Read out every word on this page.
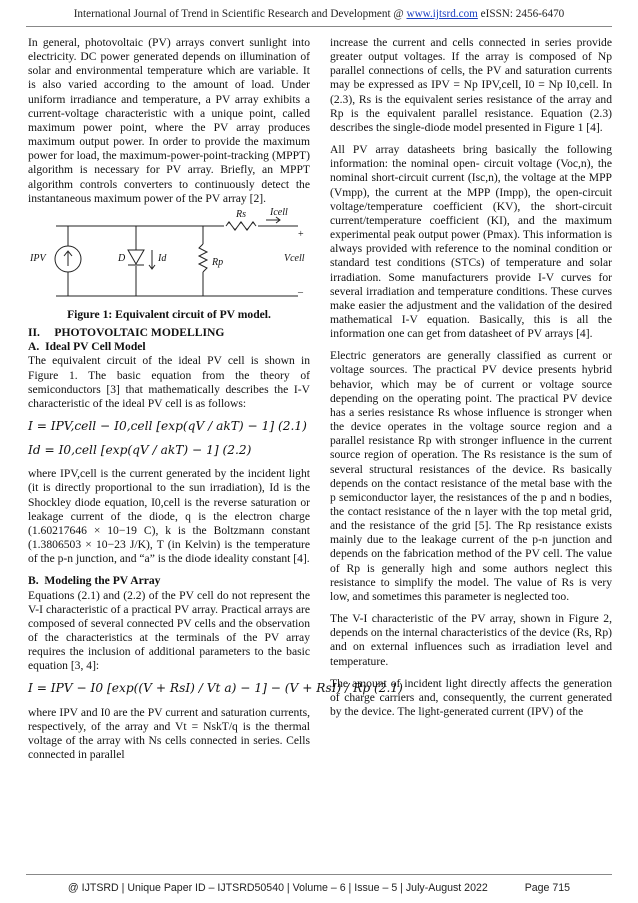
International Journal of Trend in Scientific Research and Development @ www.ijtsrd.com eISSN: 2456-6470

In general, photovoltaic (PV) arrays convert sunlight into electricity. DC power generated depends on illumination of solar and environmental temperature which are variable. It is also varied according to the amount of load. Under uniform irradiance and temperature, a PV array exhibits a current-voltage characteristic with a unique point, called maximum power point, where the PV array produces maximum output power. In order to provide the maximum power for load, the maximum-power-point-tracking (MPPT) algorithm is necessary for PV array. Briefly, an MPPT algorithm controls converters to continuously detect the instantaneous maximum power of the PV array [2].

IPV	D	Id	Rp
Rs Icell
Vcell
+
–
Figure 1: Equivalent circuit of PV model.
II.     PHOTOVOLTAIC MODELLING
A.  Ideal PV Cell Model

The equivalent circuit of the ideal PV cell is shown in Figure 1. The basic equation from the theory of semiconductors [3] that mathematically describes the I-V characteristic of the ideal PV cell is as follows:

I = IPV,cell − I0,cell [exp(qV / akT) − 1] (2.1)
Id = I0,cell [exp(qV / akT) − 1] (2.2)

where IPV,cell is the current generated by the incident light (it is directly proportional to the sun irradiation), Id is the Shockley diode equation, I0,cell is the reverse saturation or leakage current of the diode, q is the electron charge (1.60217646 × 10−19 C), k is the Boltzmann constant (1.3806503 × 10−23 J/K), T (in Kelvin) is the temperature of the p-n junction, and “a” is the diode ideality constant [4].

B.  Modeling the PV Array

Equations (2.1) and (2.2) of the PV cell do not represent the V-I characteristic of a practical PV array. Practical arrays are composed of several connected PV cells and the observation of the characteristics at the terminals of the PV array requires the inclusion of additional parameters to the basic equation [3, 4]:

I = IPV − I0 [exp((V + RsI) / Vt a) − 1] − (V + RsI) / Rp (2.1)

where IPV and I0 are the PV current and saturation currents, respectively, of the array and Vt = NskT/q is the thermal voltage of the array with Ns cells connected in series. Cells connected in parallel

increase the current and cells connected in series provide greater output voltages. If the array is composed of Np parallel connections of cells, the PV and saturation currents may be expressed as IPV = Np IPV,cell, I0 = Np I0,cell. In (2.3), Rs is the equivalent series resistance of the array and Rp is the equivalent parallel resistance. Equation (2.3) describes the single-diode model presented in Figure 1 [4].

All PV array datasheets bring basically the following information: the nominal open- circuit voltage (Voc,n), the nominal short-circuit current (Isc,n), the voltage at the MPP (Vmpp), the current at the MPP (Impp), the open-circuit voltage/temperature coefficient (KV), the short-circuit current/temperature coefficient (KI), and the maximum experimental peak output power (Pmax). This information is always provided with reference to the nominal condition or standard test conditions (STCs) of temperature and solar irradiation. Some manufacturers provide I-V curves for several irradiation and temperature conditions. These curves make easier the adjustment and the validation of the desired mathematical I-V equation. Basically, this is all the information one can get from datasheet of PV arrays [4].

Electric generators are generally classified as current or voltage sources. The practical PV device presents hybrid behavior, which may be of current or voltage source depending on the operating point. The practical PV device has a series resistance Rs whose influence is stronger when the device operates in the voltage source region and a parallel resistance Rp with stronger influence in the current source region of operation. The Rs resistance is the sum of several structural resistances of the device. Rs basically depends on the contact resistance of the metal base with the p semiconductor layer, the resistances of the p and n bodies, the contact resistance of the n layer with the top metal grid, and the resistance of the grid [5]. The Rp resistance exists mainly due to the leakage current of the p-n junction and depends on the fabrication method of the PV cell. The value of Rp is generally high and some authors neglect this resistance to simplify the model. The value of Rs is very low, and sometimes this parameter is neglected too.

The V-I characteristic of the PV array, shown in Figure 2, depends on the internal characteristics of the device (Rs, Rp) and on external influences such as irradiation level and temperature.

The amount of incident light directly affects the generation of charge carriers and, consequently, the current generated by the device. The light-generated current (IPV) of the

@ IJTSRD | Unique Paper ID – IJTSRD50540 | Volume – 6 | Issue – 5 | July-August 2022	Page 715
